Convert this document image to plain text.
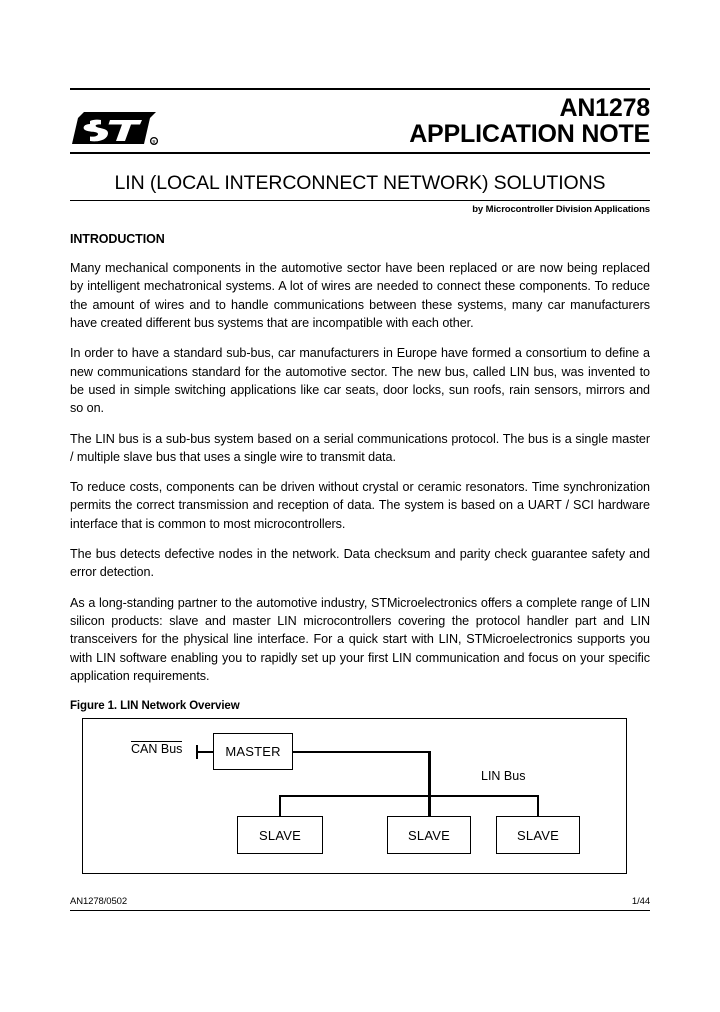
R
AN1278
APPLICATION NOTE
LIN (LOCAL INTERCONNECT NETWORK) SOLUTIONS
by Microcontroller Division Applications
INTRODUCTION

Many mechanical components in the automotive sector have been replaced or are now being replaced by intelligent mechatronical systems. A lot of wires are needed to connect these components. To reduce the amount of wires and to handle communications between these systems, many car manufacturers have created different bus systems that are incompatible with each other.

In order to have a standard sub-bus, car manufacturers in Europe have formed a consortium to define a new communications standard for the automotive sector. The new bus, called LIN bus, was invented to be used in simple switching applications like car seats, door locks, sun roofs, rain sensors, mirrors and so on.

The LIN bus is a sub-bus system based on a serial communications protocol. The bus is a single master / multiple slave bus that uses a single wire to transmit data.

To reduce costs, components can be driven without crystal or ceramic resonators. Time synchronization permits the correct transmission and reception of data. The system is based on a UART / SCI hardware interface that is common to most microcontrollers.

The bus detects defective nodes in the network. Data checksum and parity check guarantee safety and error detection.

As a long-standing partner to the automotive industry, STMicroelectronics offers a complete range of LIN silicon products: slave and master LIN microcontrollers covering the protocol handler part and LIN transceivers for the physical line interface. For a quick start with LIN, STMicroelectronics supports you with LIN software enabling you to rapidly set up your first LIN communication and focus on your specific application requirements.

Figure 1. LIN Network Overview
CAN Bus	MASTER
LIN Bus
SLAVE	SLAVE	SLAVE
AN1278/0502	1/44
